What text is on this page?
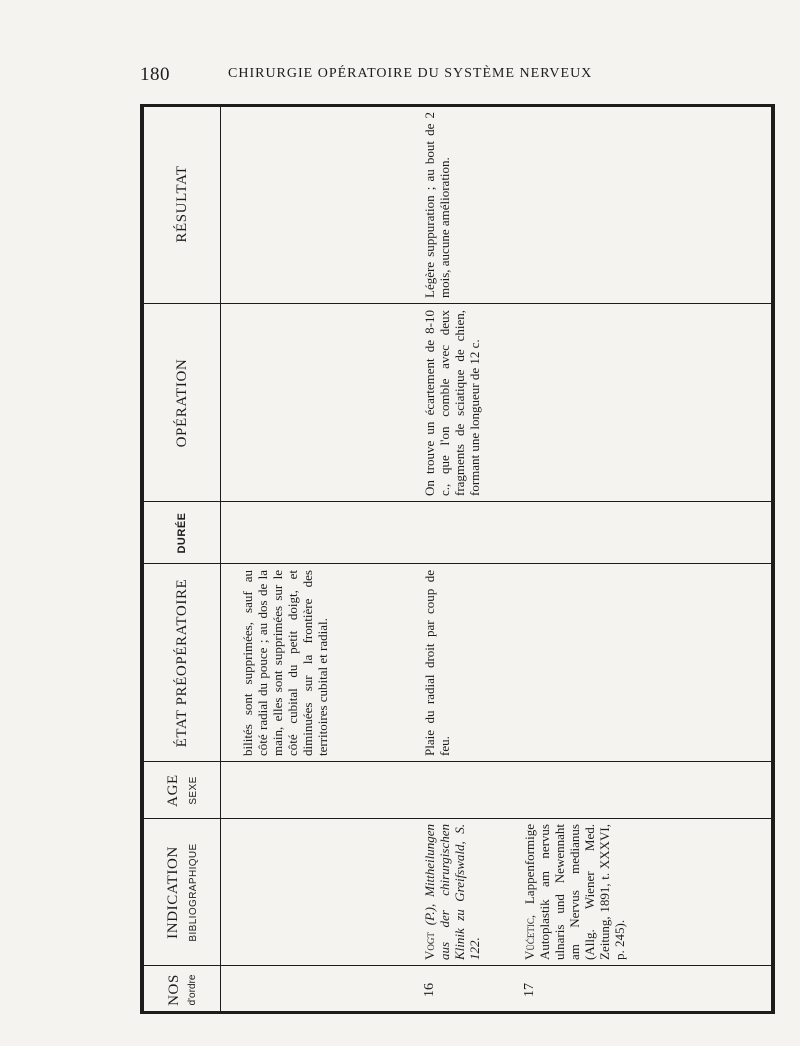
180	CHIRURGIE OPÉRATOIRE DU SYSTÈME NERVEUX
NOS d'ordre
INDICATION BIBLIOGRAPHIQUE
AGE SEXE
ÉTAT PRÉOPÉRATOIRE
DURÉE
OPÉRATION
RÉSULTAT
bilités sont supprimées, sauf au côté radial du pouce ; au dos de la main, elles sont supprimées sur le côté cubital du petit doigt, et diminuées sur la frontière des territoires cubital et radial.
16
Vogt (P.), Mittheilungen aus der chirurgischen Klinik zu Greifswald, S. 122.
Plaie du radial droit par coup de feu.
On trouve un écartement de 8-10 c., que l'on comble avec deux fragments de sciatique de chien, formant une longueur de 12 c.
Légère suppuration ; au bout de 2 mois, aucune amélioration.
17
Vüćetic, Lappenformige Autoplastik am nervus ulnaris und Newennaht am Nervus medianus (Allg. Wiener Med. Zeitung, 1891, t. XXXVI, p. 245).
